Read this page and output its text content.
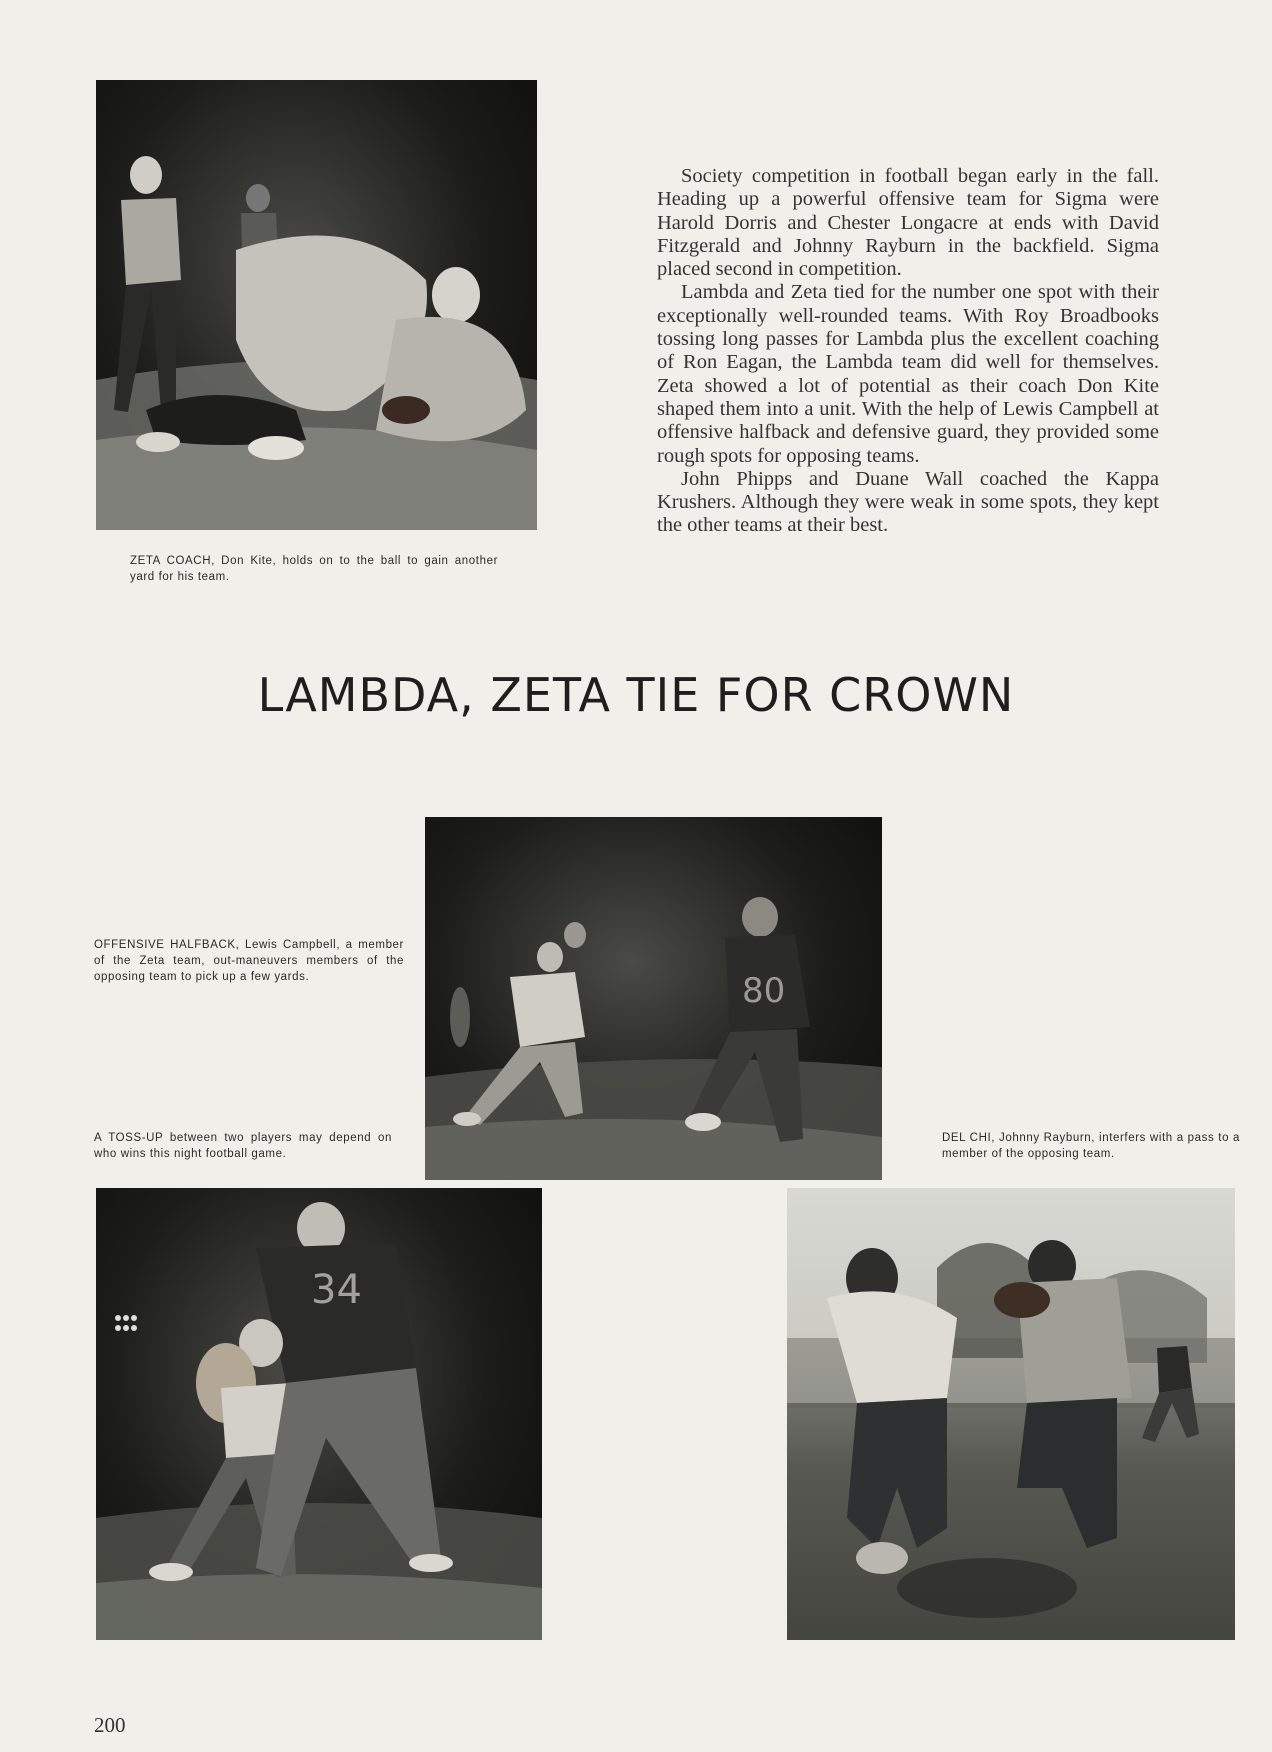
ZETA COACH, Don Kite, holds on to the ball to gain another yard for his team.

Society competition in football began early in the fall. Heading up a powerful offensive team for Sigma were Harold Dorris and Chester Longacre at ends with David Fitzgerald and Johnny Rayburn in the backfield. Sigma placed second in competition.

Lambda and Zeta tied for the number one spot with their exceptionally well-rounded teams. With Roy Broadbooks tossing long passes for Lambda plus the excellent coaching of Ron Eagan, the Lambda team did well for themselves. Zeta showed a lot of potential as their coach Don Kite shaped them into a unit. With the help of Lewis Campbell at offensive halfback and defensive guard, they provided some rough spots for opposing teams.

John Phipps and Duane Wall coached the Kappa Krushers. Although they were weak in some spots, they kept the other teams at their best.

LAMBDA, ZETA TIE FOR CROWN
80
OFFENSIVE HALFBACK, Lewis Campbell, a member of the Zeta team, out-maneuvers members of the opposing team to pick up a few yards.
A TOSS-UP between two players may depend on who wins this night football game.
DEL CHI, Johnny Rayburn, interfers with a pass to a member of the opposing team.
34
200
